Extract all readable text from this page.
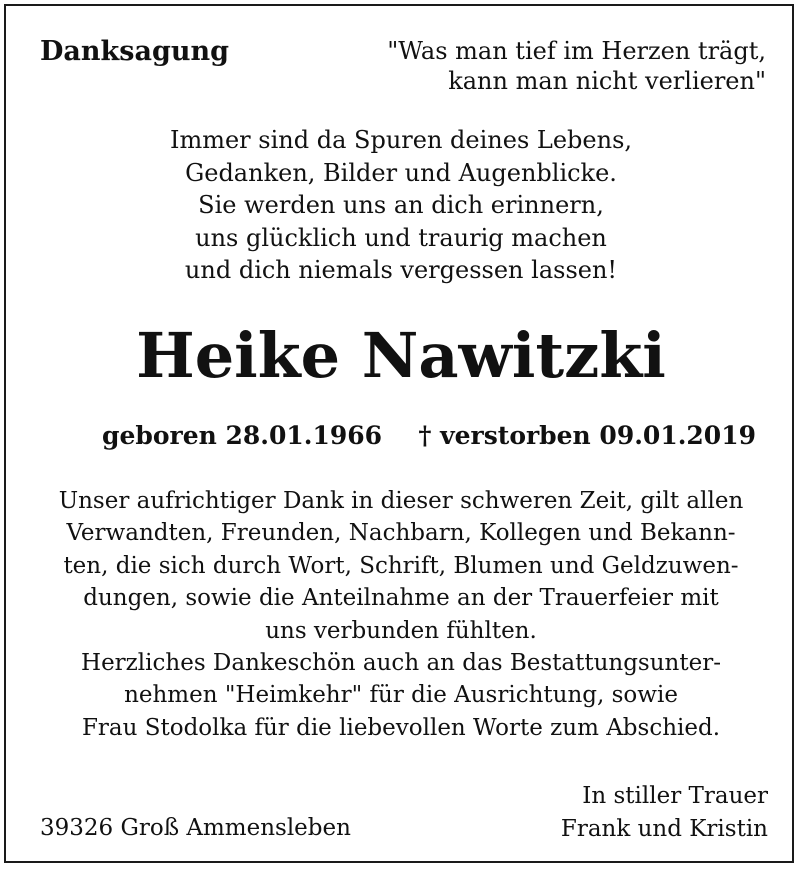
Danksagung	"Was man tief im Herzen trägt,
kann man nicht verlieren"
Immer sind da Spuren deines Lebens,
Gedanken, Bilder und Augenblicke.
Sie werden uns an dich erinnern,
uns glücklich und traurig machen
und dich niemals vergessen lassen!
Heike Nawitzki
geboren 28.01.1966 † verstorben 09.01.2019
Unser aufrichtiger Dank in dieser schweren Zeit, gilt allen
Verwandten, Freunden, Nachbarn, Kollegen und Bekann-
ten, die sich durch Wort, Schrift, Blumen und Geldzuwen-
dungen, sowie die Anteilnahme an der Trauerfeier mit
uns verbunden fühlten.
Herzliches Dankeschön auch an das Bestattungsunter-
nehmen "Heimkehr" für die Ausrichtung, sowie
Frau Stodolka für die liebevollen Worte zum Abschied.
39326 Groß Ammensleben
In stiller Trauer
Frank und Kristin
